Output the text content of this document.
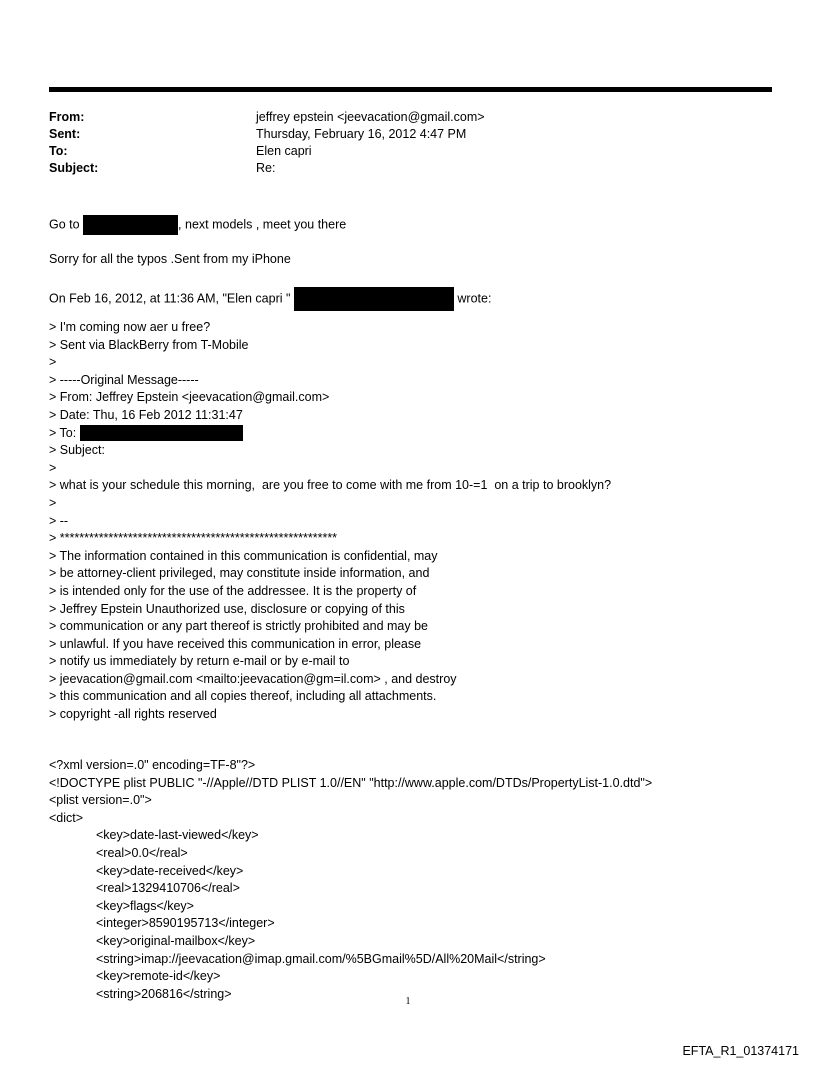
From:	jeffrey epstein <jeevacation@gmail.com>
Sent:	Thursday, February 16, 2012 4:47 PM
To:	Elen capri
Subject:	Re:
Go to	, next models , meet you there
Sorry for all the typos .Sent from my iPhone
On Feb 16, 2012, at 11:36 AM, "Elen capri "	wrote:
> I'm coming now aer u free?
> Sent via BlackBerry from T-Mobile
>
> -----Original Message-----
> From: Jeffrey Epstein <jeevacation@gmail.com>
> Date: Thu, 16 Feb 2012 11:31:47
> To:
> Subject:
>
> what is your schedule this morning,  are you free to come with me from 10-=1  on a trip to brooklyn?
>
> --
> *********************************************************
> The information contained in this communication is confidential, may
> be attorney-client privileged, may constitute inside information, and
> is intended only for the use of the addressee. It is the property of
> Jeffrey Epstein Unauthorized use, disclosure or copying of this
> communication or any part thereof is strictly prohibited and may be
> unlawful. If you have received this communication in error, please
> notify us immediately by return e-mail or by e-mail to
> jeevacation@gmail.com <mailto:jeevacation@gm=il.com> , and destroy
> this communication and all copies thereof, including all attachments.
> copyright -all rights reserved
<?xml version=.0" encoding=TF-8"?>
<!DOCTYPE plist PUBLIC "-//Apple//DTD PLIST 1.0//EN" "http://www.apple.com/DTDs/PropertyList-1.0.dtd">
<plist version=.0">
<dict>
<key>date-last-viewed</key>
<real>0.0</real>
<key>date-received</key>
<real>1329410706</real>
<key>flags</key>
<integer>8590195713</integer>
<key>original-mailbox</key>
<string>imap://jeevacation@imap.gmail.com/%5BGmail%5D/All%20Mail</string>
<key>remote-id</key>
<string>206816</string>
1
EFTA_R1_01374171
